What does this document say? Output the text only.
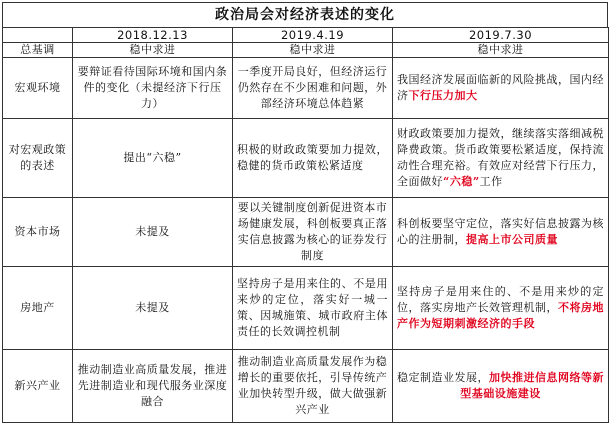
政治局会对经济表述的变化
	2018.12.13	2019.4.19	2019.7.30
总基调	稳中求进	稳中求进	稳中求进
宏观环境	要辩证看待国际环境和国内条件的变化（未提经济下行压力）	一季度开局良好，但经济运行仍然存在不少困难和问题，外部经济环境总体趋紧	我国经济发展面临新的风险挑战，国内经济下行压力加大
对宏观政策的表述	提出“六稳”	积极的财政政策要加力提效，稳健的货币政策松紧适度	财政政策要加力提效，继续落实落细减税降费政策。货币政策要松紧适度，保持流动性合理充裕。有效应对经营下行压力，全面做好“六稳”工作
资本市场	未提及	要以关键制度创新促进资本市场健康发展，科创板要真正落实信息披露为核心的证券发行制度	科创板要坚守定位，落实好信息披露为核心的注册制，提高上市公司质量
房地产	未提及	坚持房子是用来住的、不是用来炒的定位，落实好一城一策、因城施策、城市政府主体责任的长效调控机制	坚持房子是用来住的、不是用来炒的定位，落实房地产长效管理机制，不将房地产作为短期刺激经济的手段
新兴产业	推动制造业高质量发展，推进先进制造业和现代服务业深度融合	推动制造业高质量发展作为稳增长的重要依托，引导传统产业加快转型升级，做大做强新兴产业	稳定制造业发展，加快推进信息网络等新型基础设施建设
